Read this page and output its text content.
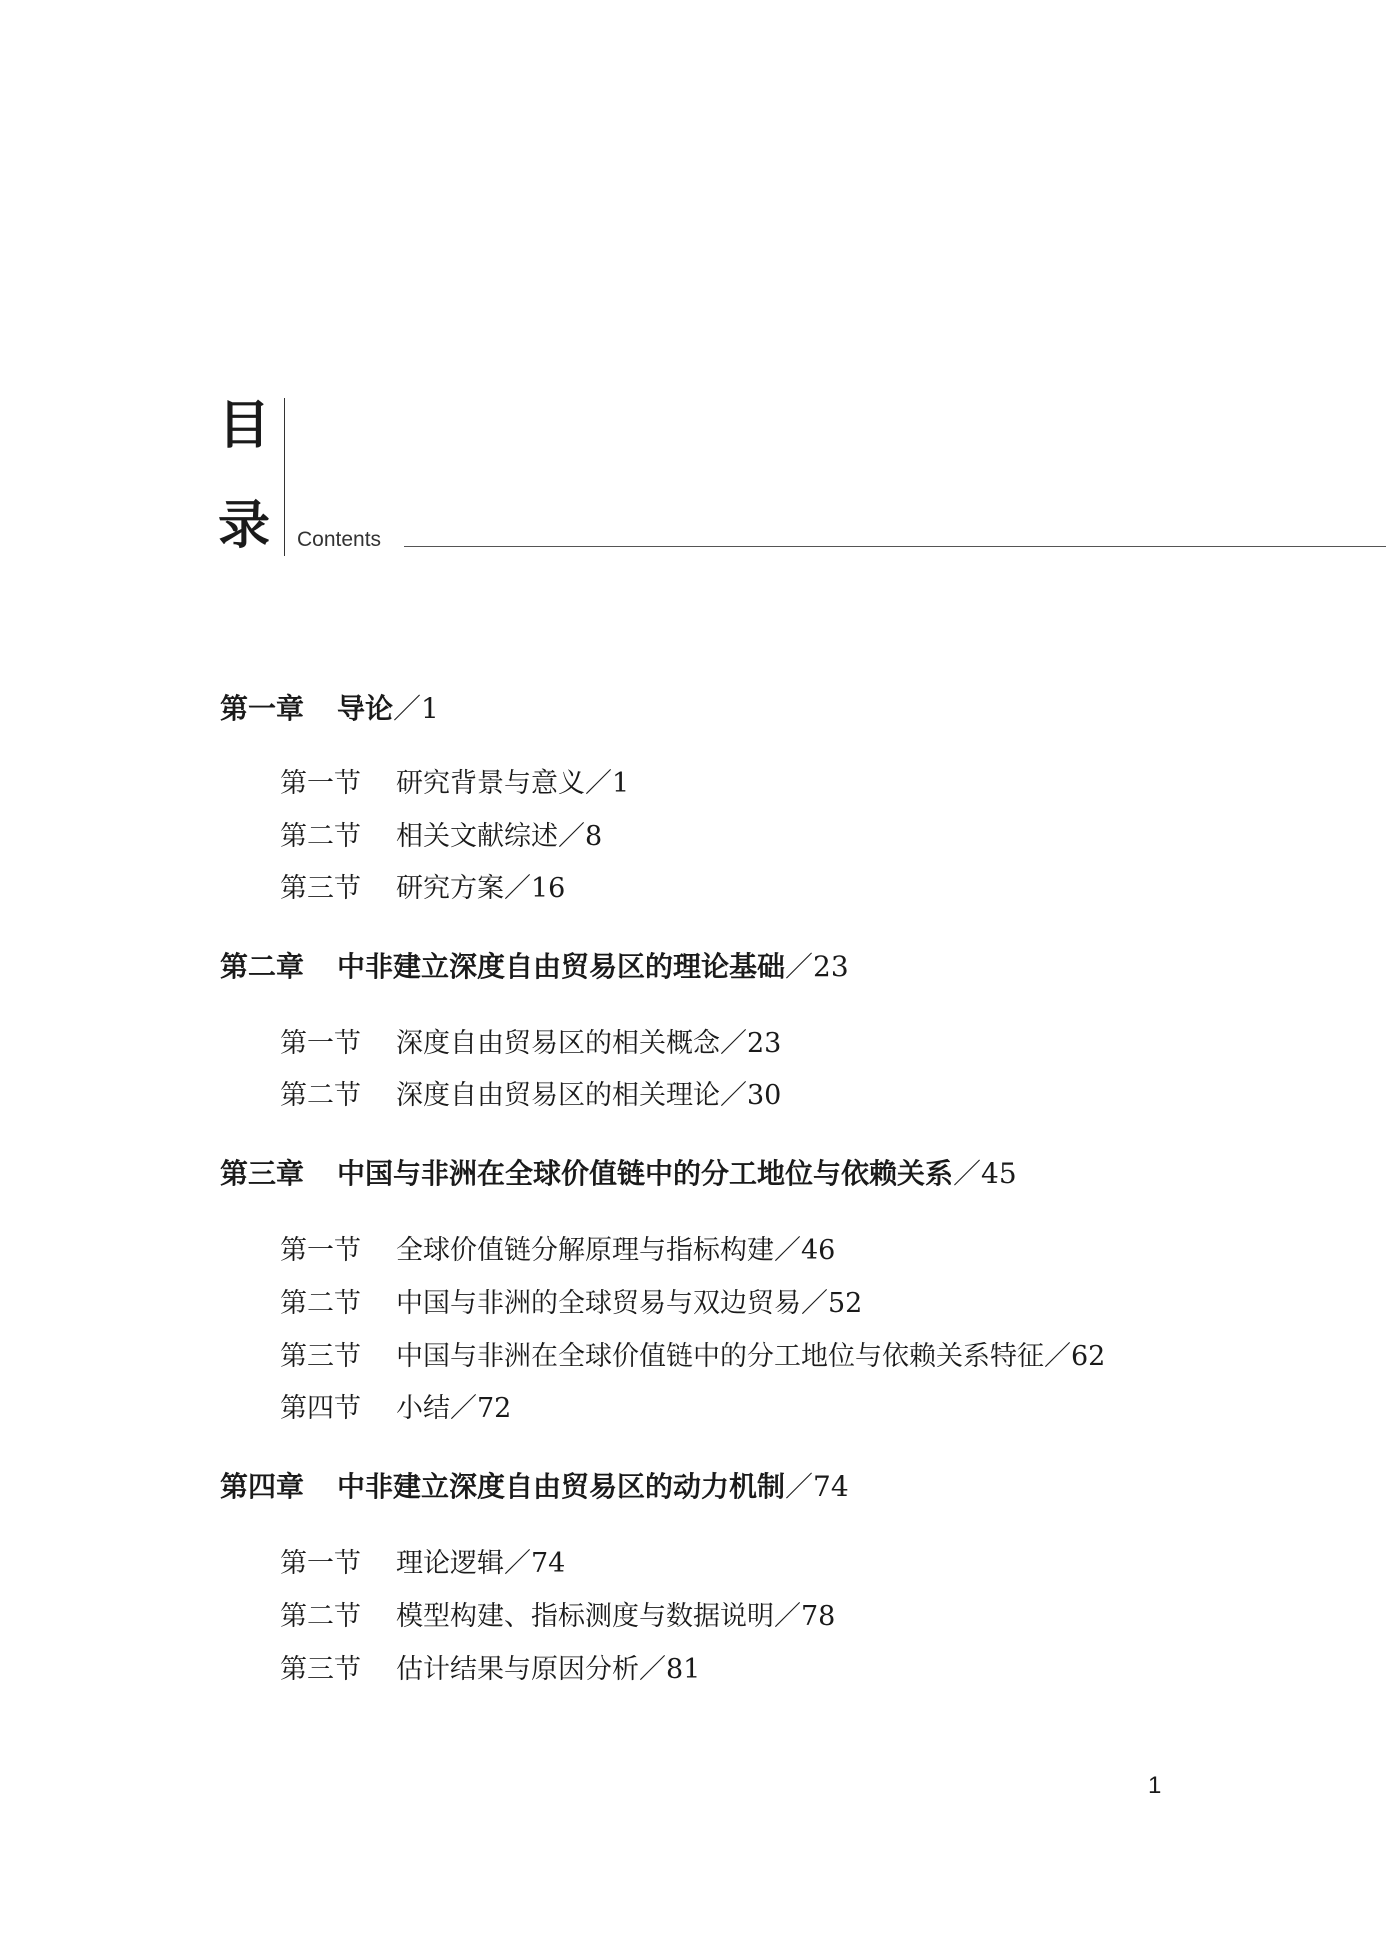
目
录 Contents
第一章 导论／1
第一节 研究背景与意义／1
第二节 相关文献综述／8
第三节 研究方案／16
第二章 中非建立深度自由贸易区的理论基础／23
第一节 深度自由贸易区的相关概念／23
第二节 深度自由贸易区的相关理论／30
第三章 中国与非洲在全球价值链中的分工地位与依赖关系／45
第一节 全球价值链分解原理与指标构建／46
第二节 中国与非洲的全球贸易与双边贸易／52
第三节 中国与非洲在全球价值链中的分工地位与依赖关系特征／62
第四节 小结／72
第四章 中非建立深度自由贸易区的动力机制／74
第一节 理论逻辑／74
第二节 模型构建、指标测度与数据说明／78
第三节 估计结果与原因分析／81
1
